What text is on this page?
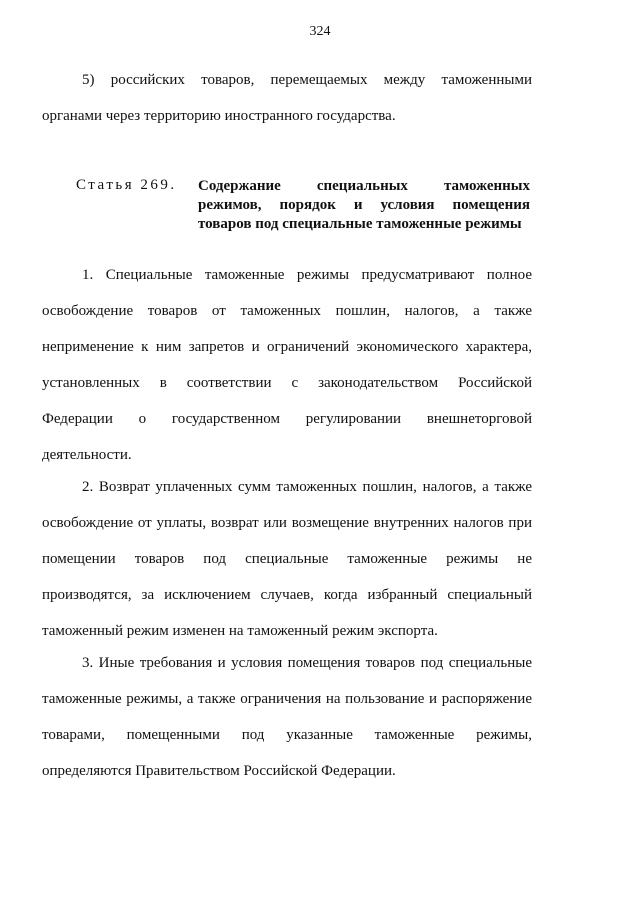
324
5) российских товаров, перемещаемых между таможенными
органами через территорию иностранного государства.
Статья 269. Содержание специальных таможенных
режимов, порядок и условия помещения
товаров под специальные таможенные режимы
1. Специальные таможенные режимы предусматривают полное
освобождение товаров от таможенных пошлин, налогов, а также
неприменение к ним запретов и ограничений экономического характера,
установленных в соответствии с законодательством Российской
Федерации о государственном регулировании внешнеторговой
деятельности.
2. Возврат уплаченных сумм таможенных пошлин, налогов, а также
освобождение от уплаты, возврат или возмещение внутренних налогов при
помещении товаров под специальные таможенные режимы не
производятся, за исключением случаев, когда избранный специальный
таможенный режим изменен на таможенный режим экспорта.
3. Иные требования и условия помещения товаров под специальные
таможенные режимы, а также ограничения на пользование и распоряжение
товарами, помещенными под указанные таможенные режимы,
определяются Правительством Российской Федерации.
